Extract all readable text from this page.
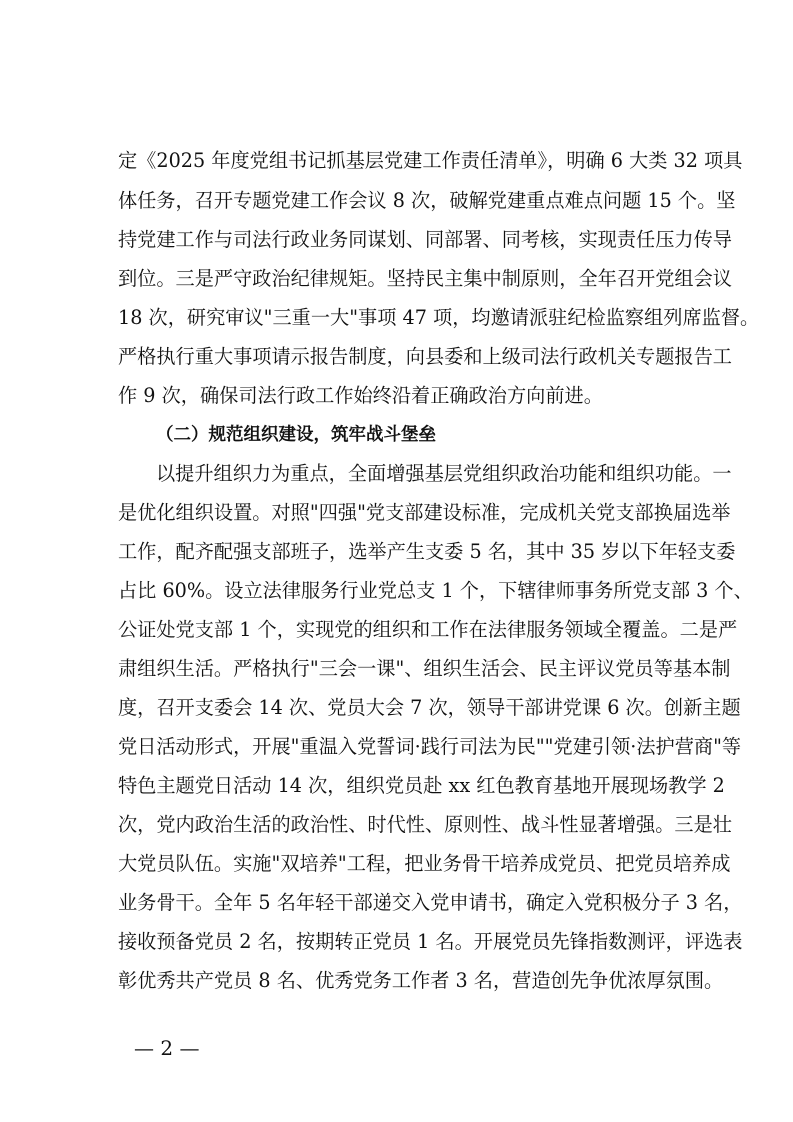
定《2025 年度党组书记抓基层党建工作责任清单》，明确 6 大类 32 项具
体任务，召开专题党建工作会议 8 次，破解党建重点难点问题 15 个。坚
持党建工作与司法行政业务同谋划、同部署、同考核，实现责任压力传导
到位。三是严守政治纪律规矩。坚持民主集中制原则，全年召开党组会议
18 次，研究审议"三重一大"事项 47 项，均邀请派驻纪检监察组列席监督。
严格执行重大事项请示报告制度，向县委和上级司法行政机关专题报告工
作 9 次，确保司法行政工作始终沿着正确政治方向前进。
（二）规范组织建设，筑牢战斗堡垒
以提升组织力为重点，全面增强基层党组织政治功能和组织功能。一
是优化组织设置。对照"四强"党支部建设标准，完成机关党支部换届选举
工作，配齐配强支部班子，选举产生支委 5 名，其中 35 岁以下年轻支委
占比 60%。设立法律服务行业党总支 1 个，下辖律师事务所党支部 3 个、
公证处党支部 1 个，实现党的组织和工作在法律服务领域全覆盖。二是严
肃组织生活。严格执行"三会一课"、组织生活会、民主评议党员等基本制
度，召开支委会 14 次、党员大会 7 次，领导干部讲党课 6 次。创新主题
党日活动形式，开展"重温入党誓词·践行司法为民""党建引领·法护营商"等
特色主题党日活动 14 次，组织党员赴 xx 红色教育基地开展现场教学 2
次，党内政治生活的政治性、时代性、原则性、战斗性显著增强。三是壮
大党员队伍。实施"双培养"工程，把业务骨干培养成党员、把党员培养成
业务骨干。全年 5 名年轻干部递交入党申请书，确定入党积极分子 3 名，
接收预备党员 2 名，按期转正党员 1 名。开展党员先锋指数测评，评选表
彰优秀共产党员 8 名、优秀党务工作者 3 名，营造创先争优浓厚氛围。
— 2 —
